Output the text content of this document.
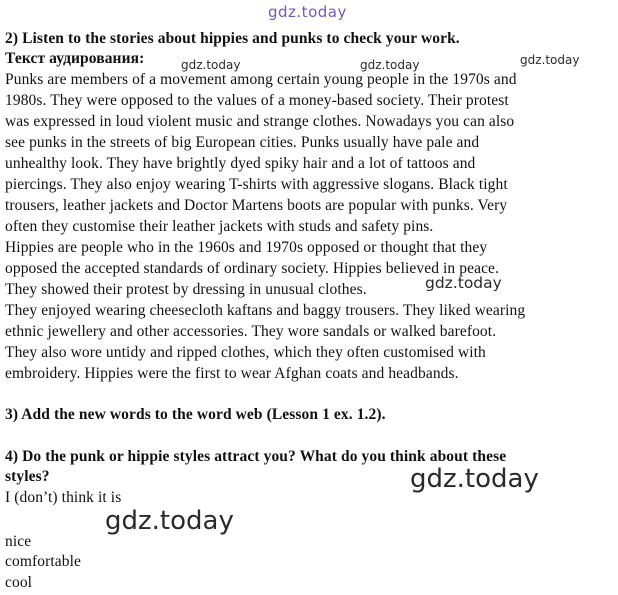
gdz.today
2) Listen to the stories about hippies and punks to check your work.
Текст аудирования:	gdz.today	gdz.today	gdz.today
Punks are members of a movement among certain young people in the 1970s and
1980s. They were opposed to the values of a money-based society. Their protest
was expressed in loud violent music and strange clothes. Nowadays you can also
see punks in the streets of big European cities. Punks usually have pale and
unhealthy look. They have brightly dyed spiky hair and a lot of tattoos and
piercings. They also enjoy wearing T-shirts with aggressive slogans. Black tight
trousers, leather jackets and Doctor Martens boots are popular with punks. Very
often they customise their leather jackets with studs and safety pins.
Hippies are people who in the 1960s and 1970s opposed or thought that they
opposed the accepted standards of ordinary society. Hippies believed in peace.
They showed their protest by dressing in unusual clothes.
They enjoyed wearing cheesecloth kaftans and baggy trousers. They liked wearing
ethnic jewellery and other accessories. They wore sandals or walked barefoot.
They also wore untidy and ripped clothes, which they often customised with
embroidery. Hippies were the first to wear Afghan coats and headbands.
gdz.today
3) Add the new words to the word web (Lesson 1 ex. 1.2).
4) Do the punk or hippie styles attract you? What do you think about these
styles?
I (don’t) think it is
gdz.today
gdz.today
nice
comfortable
cool
